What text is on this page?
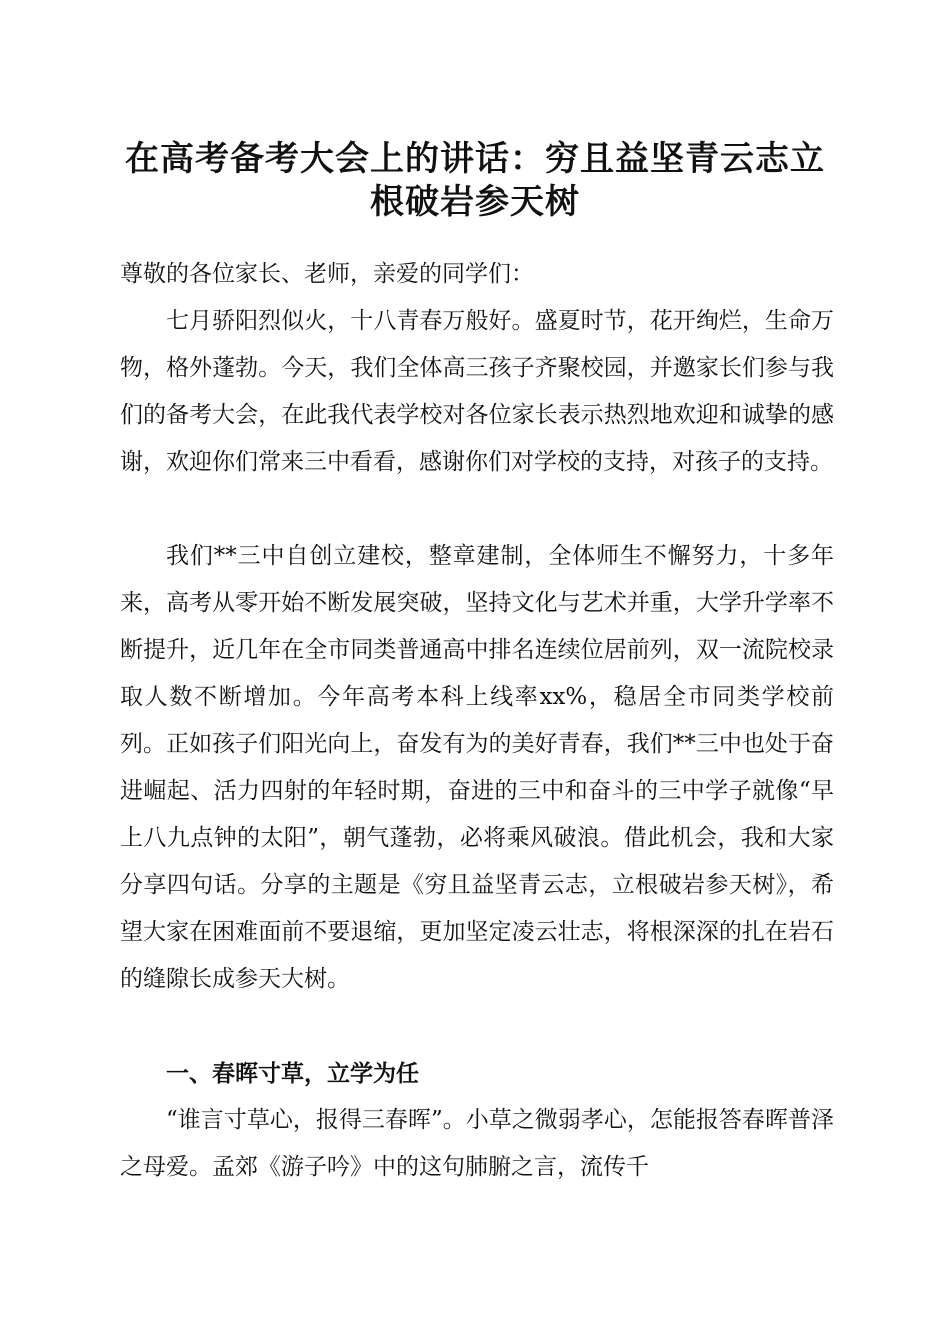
在高考备考大会上的讲话：穷且益坚青云志立
根破岩参天树

尊敬的各位家长、老师，亲爱的同学们：

七月骄阳烈似火，十八青春万般好。盛夏时节，花开绚烂，生命万物，格外蓬勃。今天，我们全体高三孩子齐聚校园，并邀家长们参与我们的备考大会，在此我代表学校对各位家长表示热烈地欢迎和诚挚的感谢，欢迎你们常来三中看看，感谢你们对学校的支持，对孩子的支持。

我们**三中自创立建校，整章建制，全体师生不懈努力，十多年来，高考从零开始不断发展突破，坚持文化与艺术并重，大学升学率不断提升，近几年在全市同类普通高中排名连续位居前列，双一流院校录取人数不断增加。今年高考本科上线率xx%，稳居全市同类学校前列。正如孩子们阳光向上，奋发有为的美好青春，我们**三中也处于奋进崛起、活力四射的年轻时期，奋进的三中和奋斗的三中学子就像“早上八九点钟的太阳”，朝气蓬勃，必将乘风破浪。借此机会，我和大家分享四句话。分享的主题是《穷且益坚青云志，立根破岩参天树》，希望大家在困难面前不要退缩，更加坚定凌云壮志，将根深深的扎在岩石的缝隙长成参天大树。

一、春晖寸草，立学为任

“谁言寸草心，报得三春晖”。小草之微弱孝心，怎能报答春晖普泽之母爱。孟郊《游子吟》中的这句肺腑之言，流传千
